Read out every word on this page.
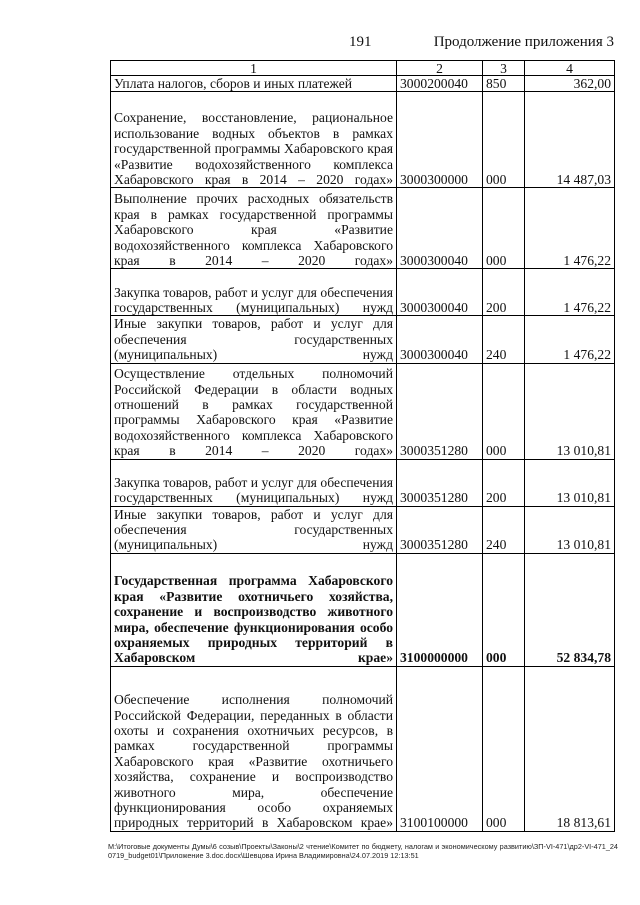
191	Продолжение приложения 3
1	2	3	4
Уплата налогов, сборов и иных платежей	3000200040	850	362,00
Сохранение, восстановление, рациональное использование водных объектов в рамках государственной программы Хабаровского края «Развитие водохозяйственного комплекса Хабаровского края в 2014 – 2020 годах»	3000300000	000	14 487,03
Выполнение прочих расходных обязательств края в рамках государственной программы Хабаровского края «Развитие водохозяйственного комплекса Хабаровского края в 2014 – 2020 годах»	3000300040	000	1 476,22
Закупка товаров, работ и услуг для обеспечения государственных (муниципальных) нужд	3000300040	200	1 476,22
Иные закупки товаров, работ и услуг для обеспечения государственных (муниципальных) нужд	3000300040	240	1 476,22
Осуществление отдельных полномочий Российской Федерации в области водных отношений в рамках государственной программы Хабаровского края «Развитие водохозяйственного комплекса Хабаровского края в 2014 – 2020 годах»	3000351280	000	13 010,81
Закупка товаров, работ и услуг для обеспечения государственных (муниципальных) нужд	3000351280	200	13 010,81
Иные закупки товаров, работ и услуг для обеспечения государственных (муниципальных) нужд	3000351280	240	13 010,81
Государственная программа Хабаровского края «Развитие охотничьего хозяйства, сохранение и воспроизводство животного мира, обеспечение функционирования особо охраняемых природных территорий в Хабаровском крае»	3100000000	000	52 834,78
Обеспечение исполнения полномочий Российской Федерации, переданных в области охоты и сохранения охотничьих ресурсов, в рамках государственной программы Хабаровского края «Развитие охотничьего хозяйства, сохранение и воспроизводство животного мира, обеспечение функционирования особо охраняемых природных территорий в Хабаровском крае»	3100100000	000	18 813,61
M:\Итоговые документы Думы\6 созыв\Проекты\Законы\2 чтение\Комитет по бюджету, налогам и экономическому развитию\ЗП-VI-471\др2-VI-471_240719_budget01\Приложение 3.doc.docx\Шевцова Ирина Владимировна\24.07.2019 12:13:51
